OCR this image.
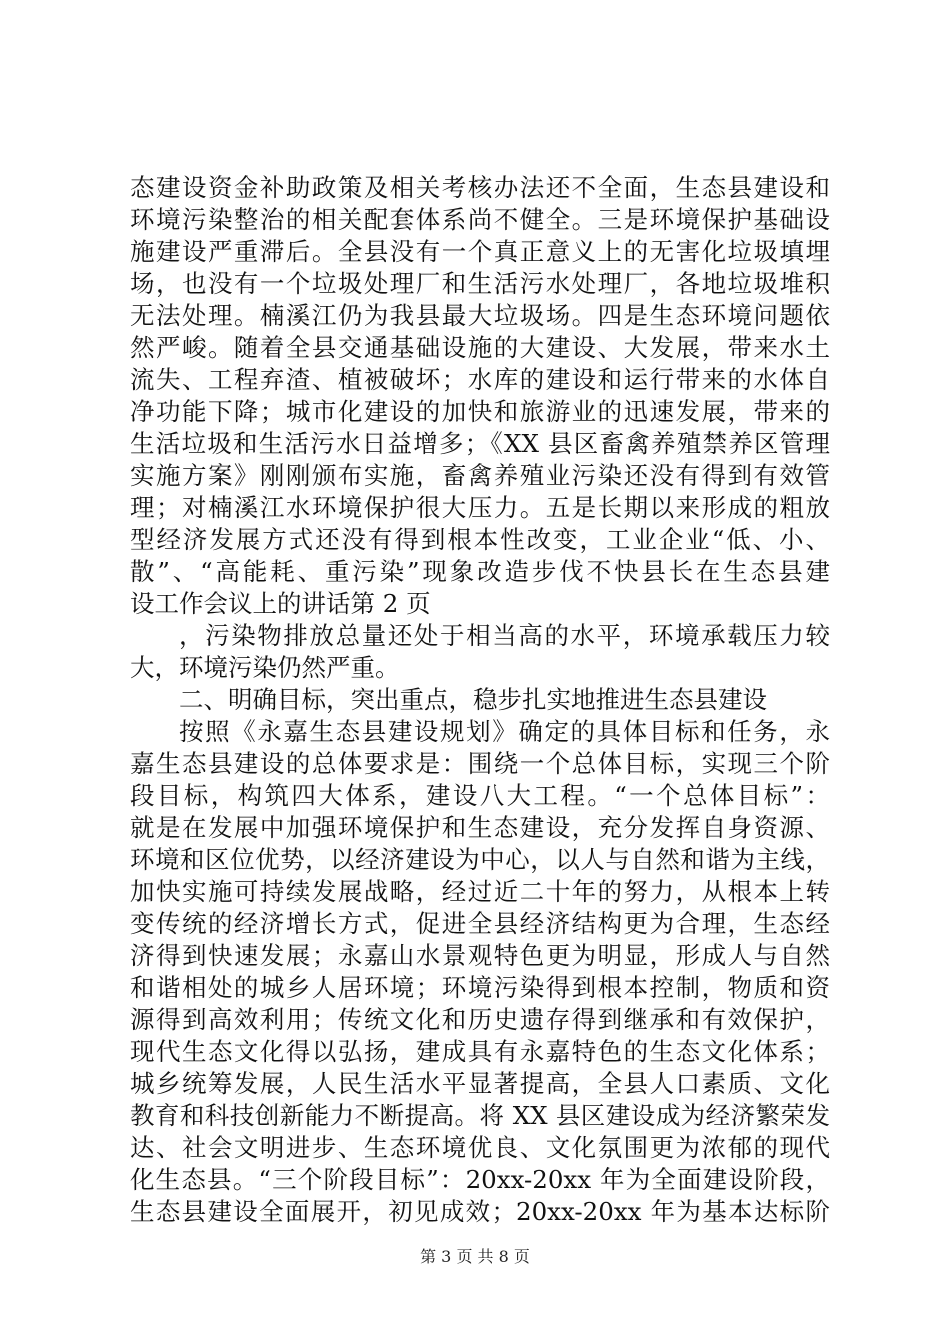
态建设资金补助政策及相关考核办法还不全面，生态县建设和
环境污染整治的相关配套体系尚不健全。三是环境保护基础设
施建设严重滞后。全县没有一个真正意义上的无害化垃圾填埋
场，也没有一个垃圾处理厂和生活污水处理厂，各地垃圾堆积
无法处理。楠溪江仍为我县最大垃圾场。四是生态环境问题依
然严峻。随着全县交通基础设施的大建设、大发展，带来水土
流失、工程弃渣、植被破坏；水库的建设和运行带来的水体自
净功能下降；城市化建设的加快和旅游业的迅速发展，带来的
生活垃圾和生活污水日益增多；《XX 县区畜禽养殖禁养区管理
实施方案》刚刚颁布实施，畜禽养殖业污染还没有得到有效管
理；对楠溪江水环境保护很大压力。五是长期以来形成的粗放
型经济发展方式还没有得到根本性改变，工业企业“低、小、
散”、“高能耗、重污染”现象改造步伐不快县长在生态县建
设工作会议上的讲话第 2 页
，污染物排放总量还处于相当高的水平，环境承载压力较
大，环境污染仍然严重。
二、明确目标，突出重点，稳步扎实地推进生态县建设
按照《永嘉生态县建设规划》确定的具体目标和任务，永
嘉生态县建设的总体要求是：围绕一个总体目标，实现三个阶
段目标，构筑四大体系，建设八大工程。“一个总体目标”：
就是在发展中加强环境保护和生态建设，充分发挥自身资源、
环境和区位优势，以经济建设为中心，以人与自然和谐为主线，
加快实施可持续发展战略，经过近二十年的努力，从根本上转
变传统的经济增长方式，促进全县经济结构更为合理，生态经
济得到快速发展；永嘉山水景观特色更为明显，形成人与自然
和谐相处的城乡人居环境；环境污染得到根本控制，物质和资
源得到高效利用；传统文化和历史遗存得到继承和有效保护，
现代生态文化得以弘扬，建成具有永嘉特色的生态文化体系；
城乡统筹发展，人民生活水平显著提高，全县人口素质、文化
教育和科技创新能力不断提高。将 XX 县区建设成为经济繁荣发
达、社会文明进步、生态环境优良、文化氛围更为浓郁的现代
化生态县。“三个阶段目标”：20xx-20xx 年为全面建设阶段，
生态县建设全面展开，初见成效；20xx-20xx 年为基本达标阶
第 3 页 共 8 页
